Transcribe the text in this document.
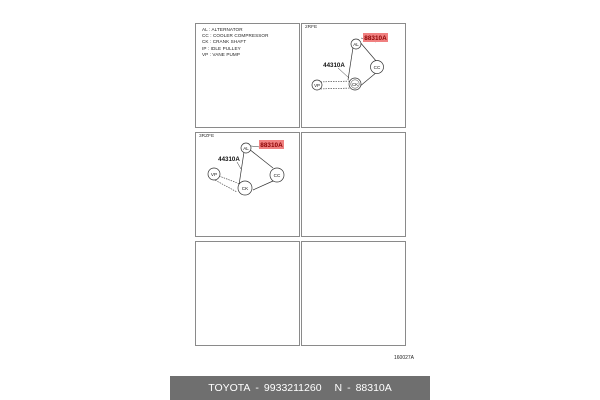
AL : ALTERNATOR
CC : COOLER COMPRESSOR
CK : CRANK SHAFT
IP : IDLE PULLEY
VP : VANE PUMP
2RFE
AL
CC
CK
VP
88310A
44310A
3RZFE
AL
CC
CK
VP
88310A
44310A
160027A
TOYOTA - 9933211260
N - 88310A
